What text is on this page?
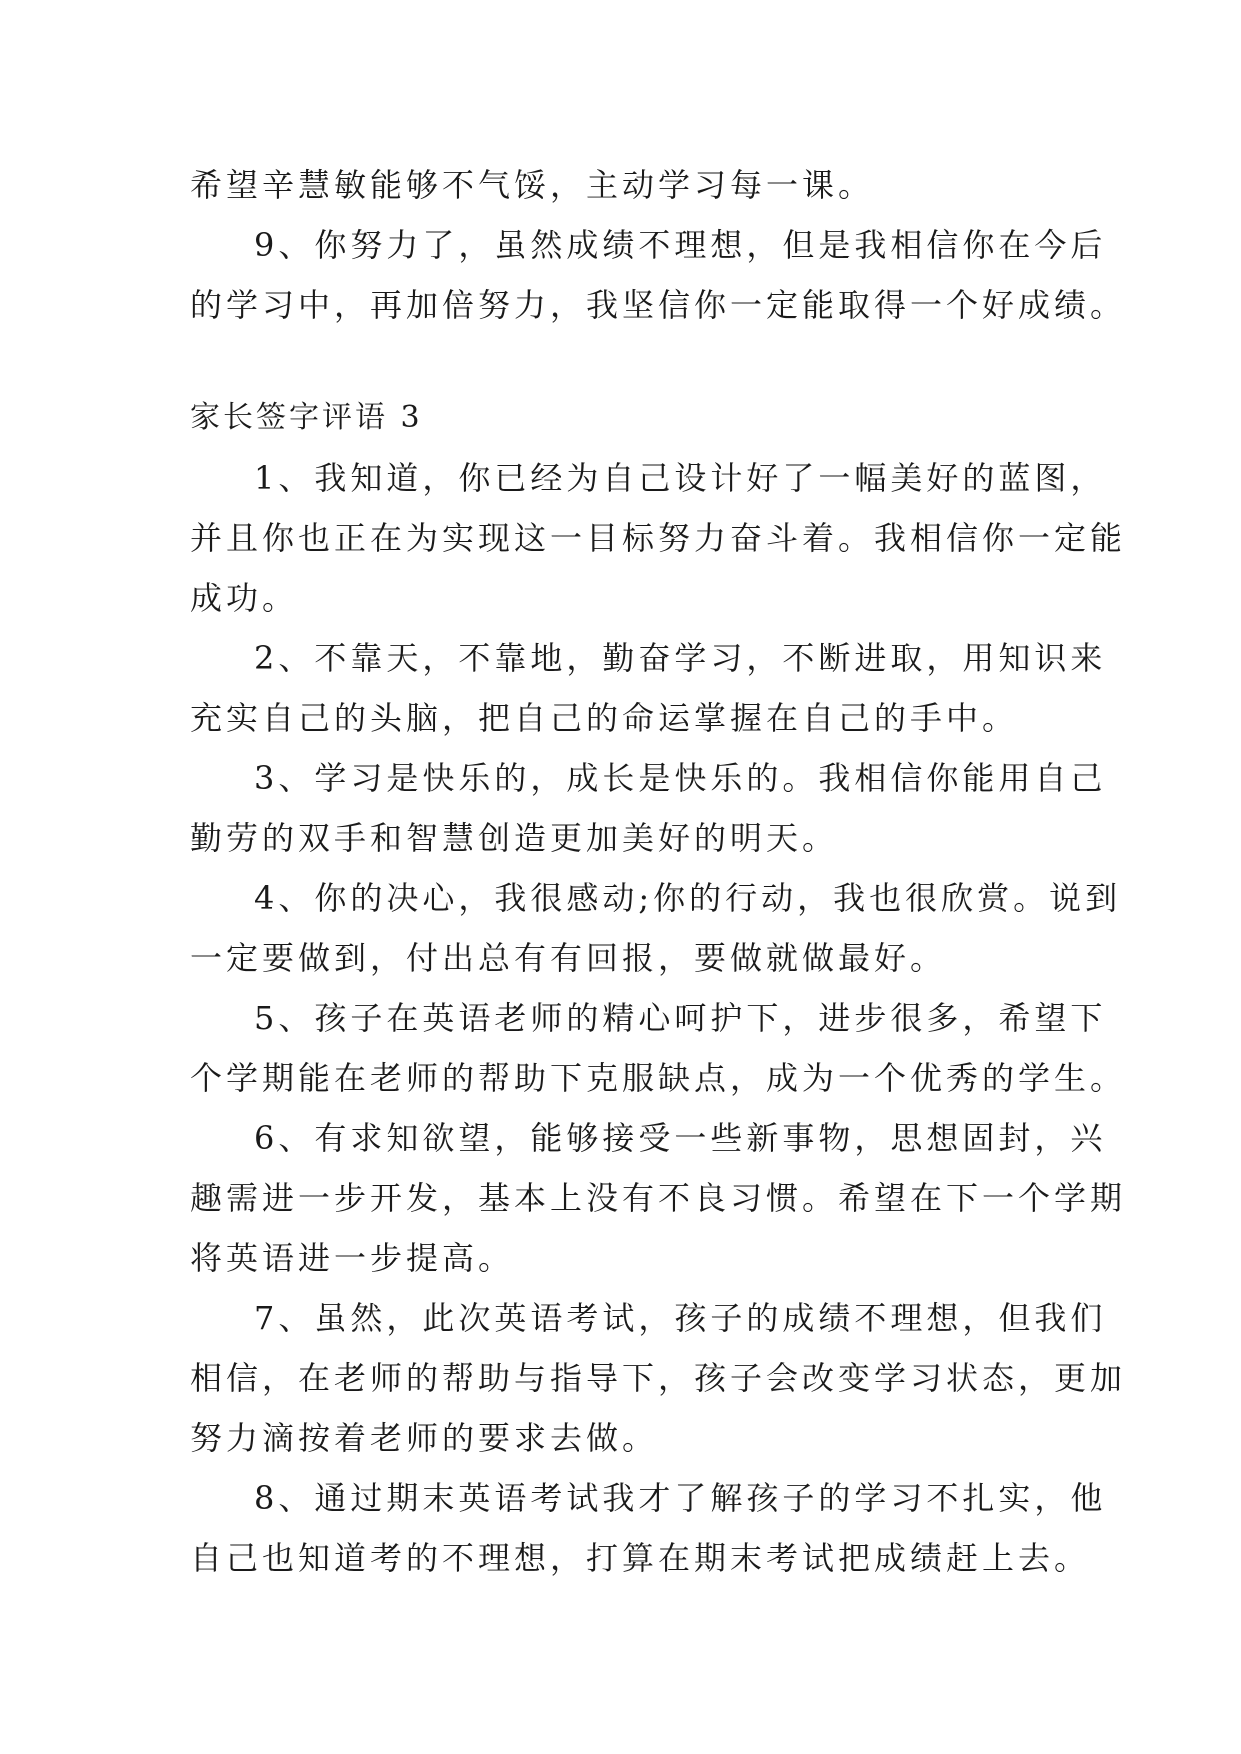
希望辛慧敏能够不气馁，主动学习每一课。
9、你努力了，虽然成绩不理想，但是我相信你在今后
的学习中，再加倍努力，我坚信你一定能取得一个好成绩。
家长签字评语 3
1、我知道，你已经为自己设计好了一幅美好的蓝图，
并且你也正在为实现这一目标努力奋斗着。我相信你一定能
成功。
2、不靠天，不靠地，勤奋学习，不断进取，用知识来
充实自己的头脑，把自己的命运掌握在自己的手中。
3、学习是快乐的，成长是快乐的。我相信你能用自己
勤劳的双手和智慧创造更加美好的明天。
4、你的决心，我很感动;你的行动，我也很欣赏。说到
一定要做到，付出总有有回报，要做就做最好。
5、孩子在英语老师的精心呵护下，进步很多，希望下
个学期能在老师的帮助下克服缺点，成为一个优秀的学生。
6、有求知欲望，能够接受一些新事物，思想固封，兴
趣需进一步开发，基本上没有不良习惯。希望在下一个学期
将英语进一步提高。
7、虽然，此次英语考试，孩子的成绩不理想，但我们
相信，在老师的帮助与指导下，孩子会改变学习状态，更加
努力滴按着老师的要求去做。
8、通过期末英语考试我才了解孩子的学习不扎实，他
自己也知道考的不理想，打算在期末考试把成绩赶上去。
